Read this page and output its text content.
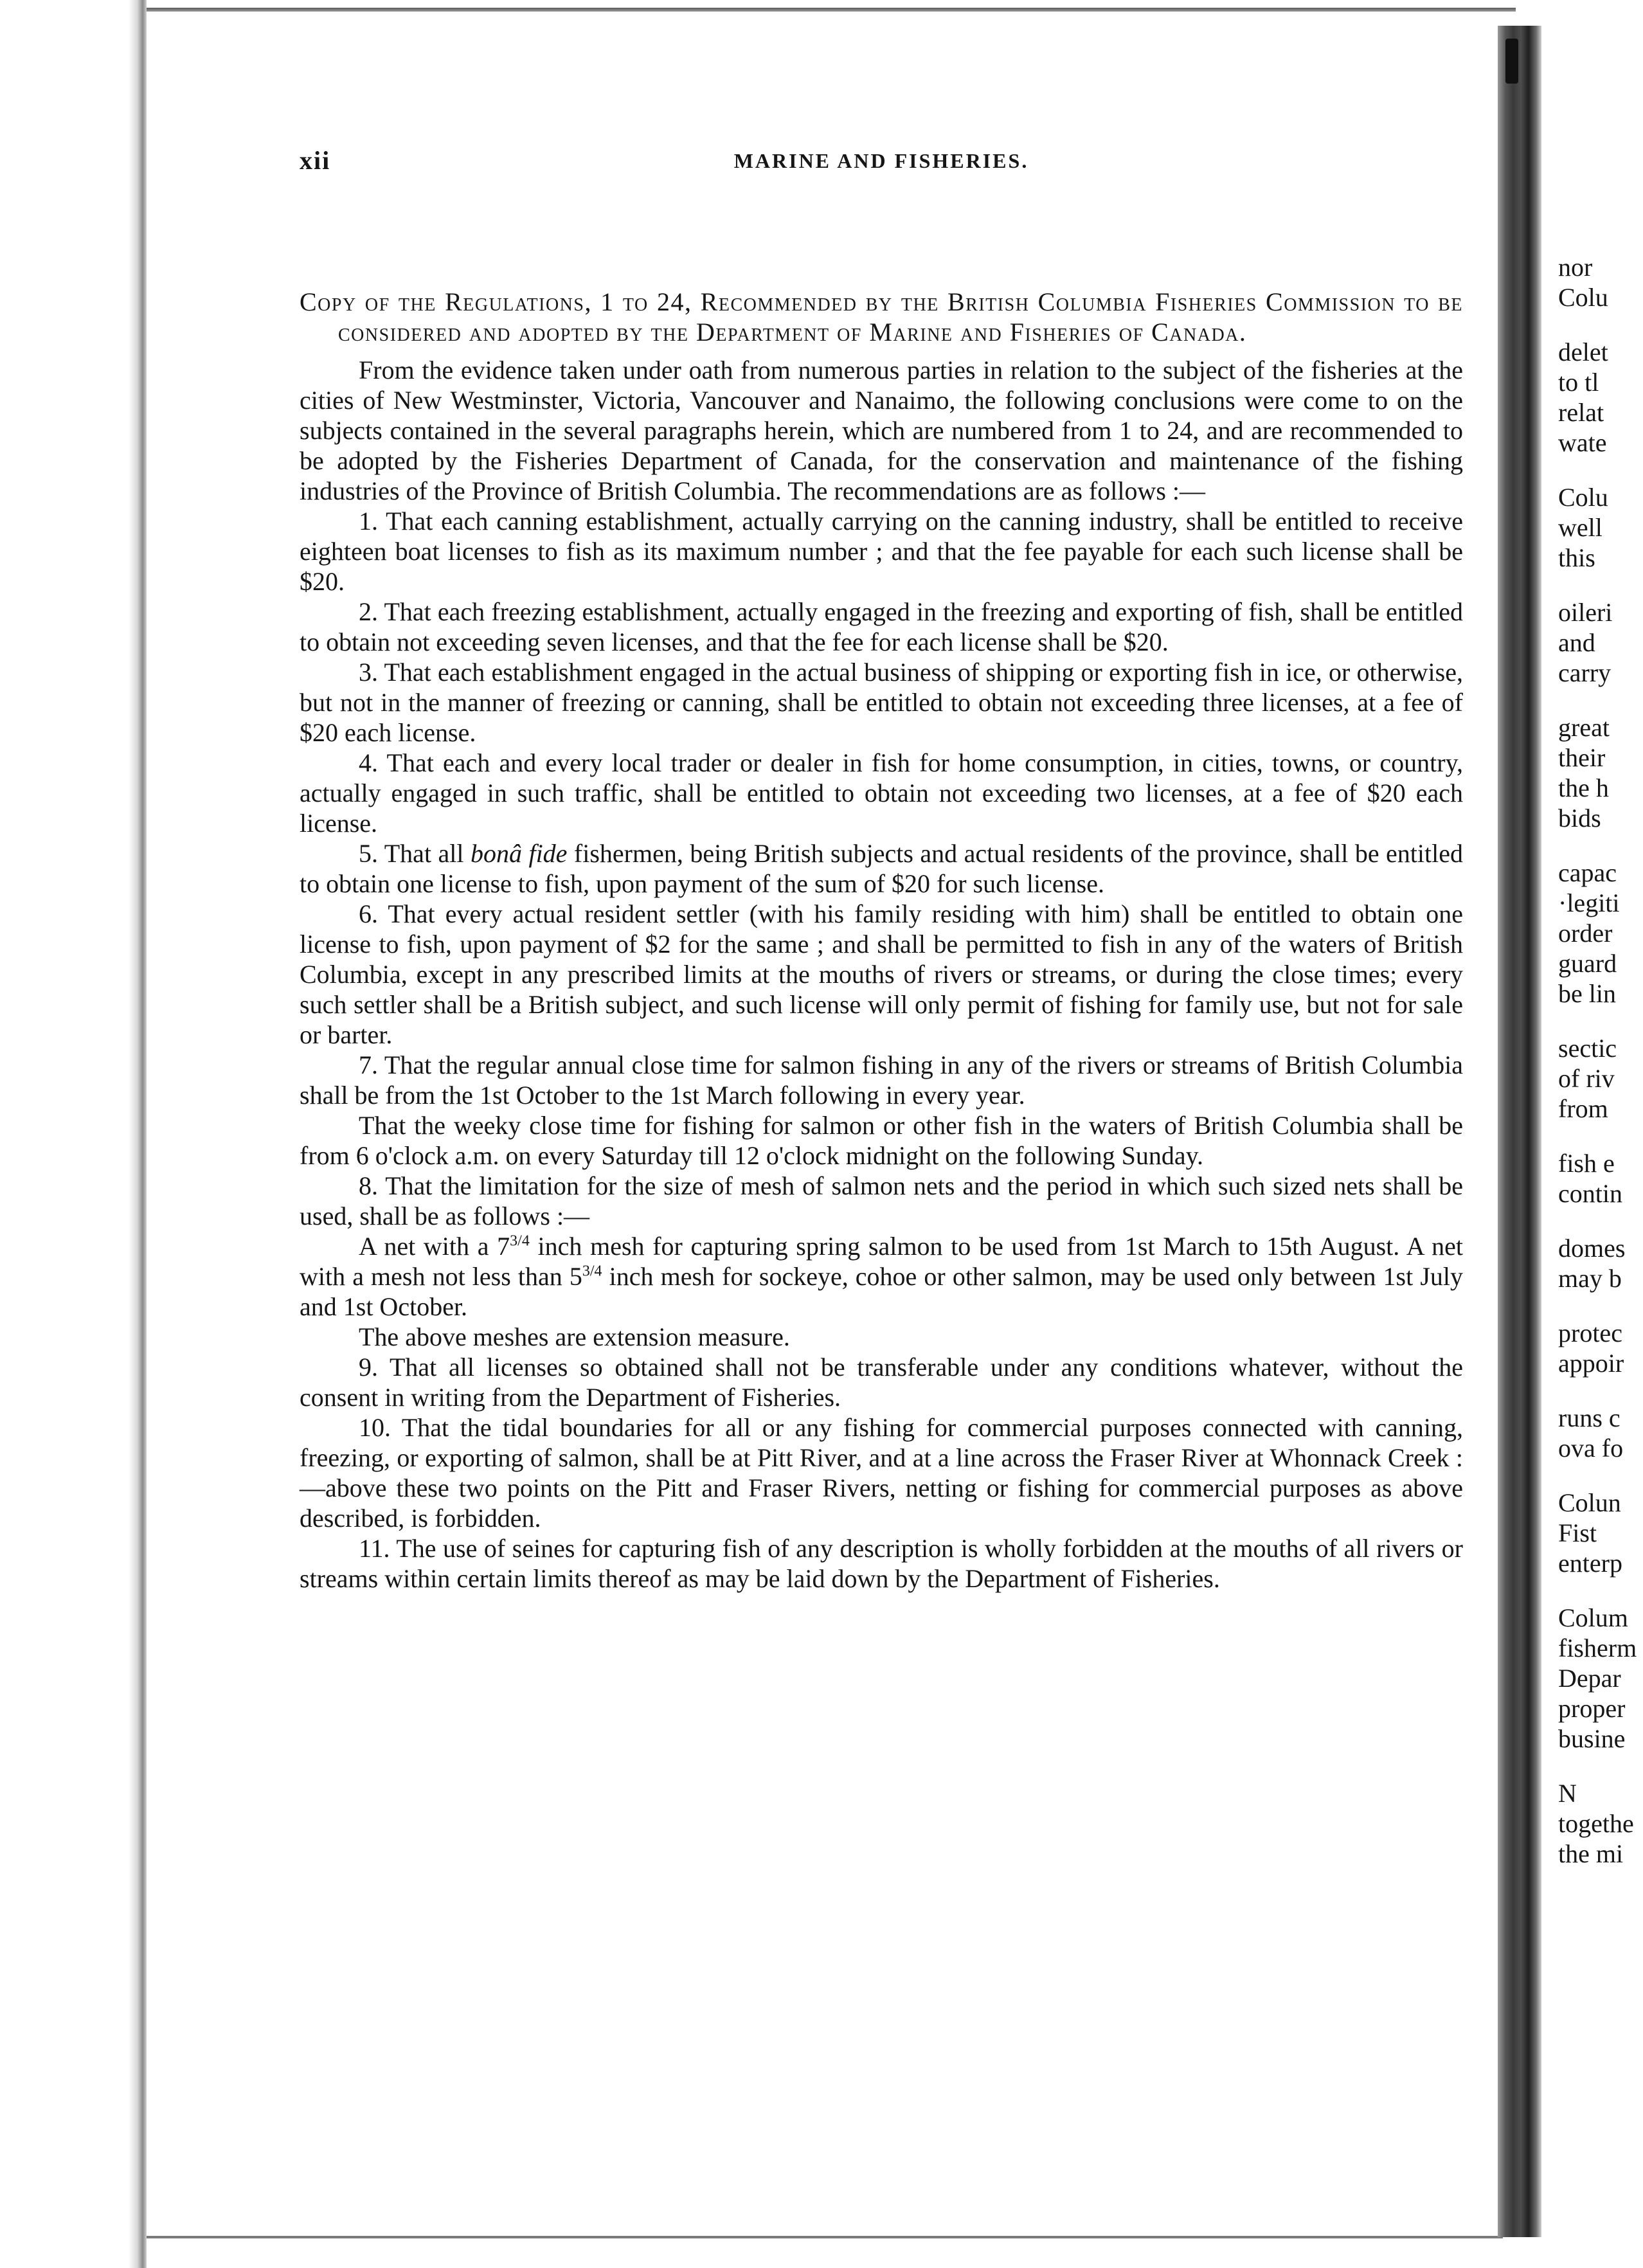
xii	MARINE AND FISHERIES.

Copy of the Regulations, 1 to 24, Recommended by the British Columbia Fisheries Commission to be considered and adopted by the Department of Marine and Fisheries of Canada.

From the evidence taken under oath from numerous parties in relation to the subject of the fisheries at the cities of New Westminster, Victoria, Vancouver and Nanaimo, the following conclusions were come to on the subjects contained in the several paragraphs herein, which are numbered from 1 to 24, and are recommended to be adopted by the Fisheries Department of Canada, for the conservation and maintenance of the fishing industries of the Province of British Columbia. The recommendations are as follows :—

1. That each canning establishment, actually carrying on the canning industry, shall be entitled to receive eighteen boat licenses to fish as its maximum number ; and that the fee payable for each such license shall be $20.

2. That each freezing establishment, actually engaged in the freezing and exporting of fish, shall be entitled to obtain not exceeding seven licenses, and that the fee for each license shall be $20.

3. That each establishment engaged in the actual business of shipping or exporting fish in ice, or otherwise, but not in the manner of freezing or canning, shall be entitled to obtain not exceeding three licenses, at a fee of $20 each license.

4. That each and every local trader or dealer in fish for home consumption, in cities, towns, or country, actually engaged in such traffic, shall be entitled to obtain not exceeding two licenses, at a fee of $20 each license.

5. That all bonâ fide fishermen, being British subjects and actual residents of the province, shall be entitled to obtain one license to fish, upon payment of the sum of $20 for such license.

6. That every actual resident settler (with his family residing with him) shall be entitled to obtain one license to fish, upon payment of $2 for the same ; and shall be permitted to fish in any of the waters of British Columbia, except in any prescribed limits at the mouths of rivers or streams, or during the close times; every such settler shall be a British subject, and such license will only permit of fishing for family use, but not for sale or barter.

7. That the regular annual close time for salmon fishing in any of the rivers or streams of British Columbia shall be from the 1st October to the 1st March following in every year.

That the weeky close time for fishing for salmon or other fish in the waters of British Columbia shall be from 6 o'clock a.m. on every Saturday till 12 o'clock midnight on the following Sunday.

8. That the limitation for the size of mesh of salmon nets and the period in which such sized nets shall be used, shall be as follows :—

A net with a $7^{3/4}$ inch mesh for capturing spring salmon to be used from 1st March to 15th August. A net with a mesh not less than $5^{3/4}$ inch mesh for sockeye, cohoe or other salmon, may be used only between 1st July and 1st October.

The above meshes are extension measure.

9. That all licenses so obtained shall not be transferable under any conditions whatever, without the consent in writing from the Department of Fisheries.

10. That the tidal boundaries for all or any fishing for commercial purposes connected with canning, freezing, or exporting of salmon, shall be at Pitt River, and at a line across the Fraser River at Whonnack Creek :—above these two points on the Pitt and Fraser Rivers, netting or fishing for commercial purposes as above described, is forbidden.

11. The use of seines for capturing fish of any description is wholly forbidden at the mouths of all rivers or streams within certain limits thereof as may be laid down by the Department of Fisheries.

nor
Colu
delet
to tl
relat
wate
Colu
well
this
oileri
and
carry
great
their
the h
bids
capac
·legiti
order
guard
be lin
sectic
of riv
from
fish e
contin
domes
may b
protec
appoir
runs c
ova fo
Colun
Fist
enterp
Colum
fisherm
Depar
proper
busine
N
togethe
the mi
